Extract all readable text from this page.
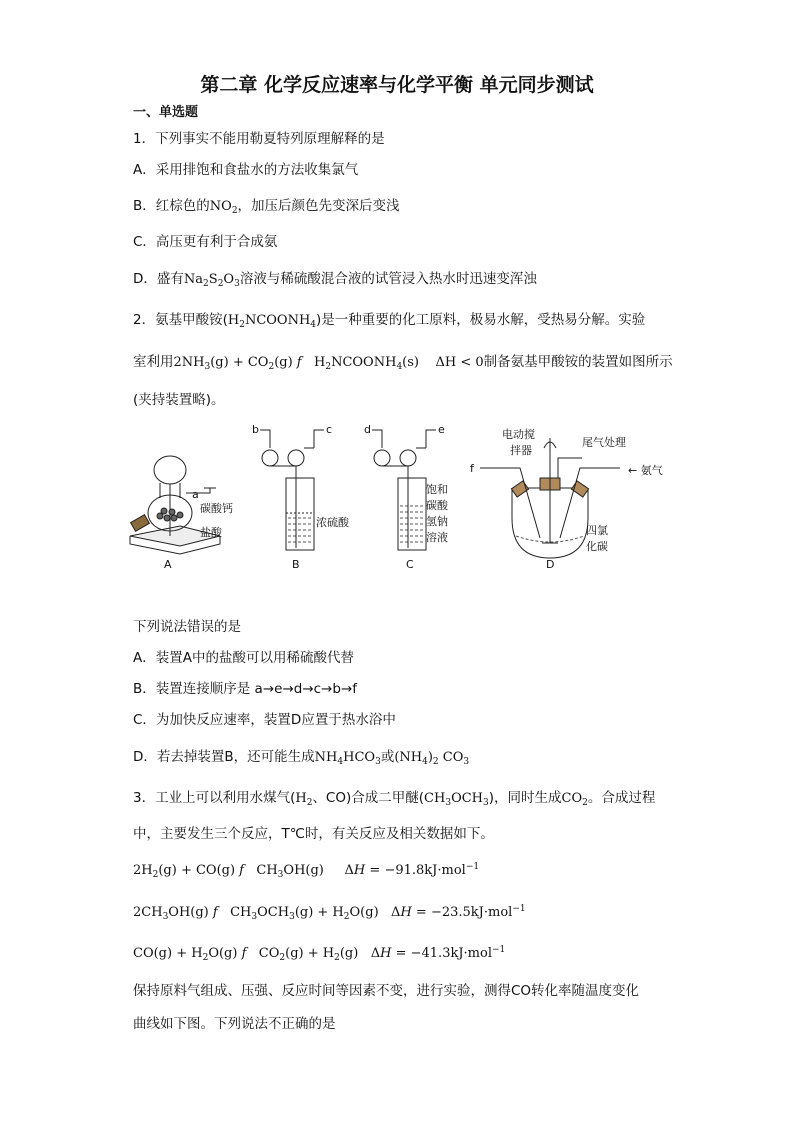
第二章 化学反应速率与化学平衡 单元同步测试
一、单选题
1．下列事实不能用勒夏特列原理解释的是
A．采用排饱和食盐水的方法收集氯气
B．红棕色的$NO_2$，加压后颜色先变深后变浅
C．高压更有利于合成氨
D．盛有$Na_2S_2O_3$溶液与稀硫酸混合液的试管浸入热水时迅速变浑浊
2．氨基甲酸铵$(H_2NCOONH_4)$是一种重要的化工原料，极易水解，受热易分解。实验
室利用$2NH_3(g) + CO_2(g)$ f   $H_2NCOONH_4(s)$    ΔH < 0制备氨基甲酸铵的装置如图所示
(夹持装置略)。
碳酸钙
盐酸
A
a
b	c
浓硫酸
B
d	e
饱和
碳酸
氢钠
溶液
C
f
电动搅
拌器
尾气处理
← 氨气
四氯
化碳
D
下列说法错误的是
A．装置A中的盐酸可以用稀硫酸代替
B．装置连接顺序是 a→e→d→c→b→f
C．为加快反应速率，装置D应置于热水浴中
D．若去掉装置B，还可能生成$NH_4HCO_3$或$(NH_4)_2$ $CO_3$
3．工业上可以利用水煤气($H_2$、CO)合成二甲醚$(CH_3OCH_3)$，同时生成$CO_2$。合成过程
中，主要发生三个反应，T℃时，有关反应及相关数据如下。
$2H_2(g) + CO(g)$ f   $CH_3OH(g)$     ΔH = −91.8kJ·mol$^{-1}$
$2CH_3OH(g)$ f   $CH_3OCH_3(g) + H_2O(g) \Delta H = -23.5kJ\cdot mol^{-1}$
$CO(g) + H_2O(g)$ f   $CO_2(g) + H_2(g) \Delta H = -41.3kJ\cdot mol^{-1}$
保持原料气组成、压强、反应时间等因素不变，进行实验，测得CO转化率随温度变化
曲线如下图。下列说法不正确的是
